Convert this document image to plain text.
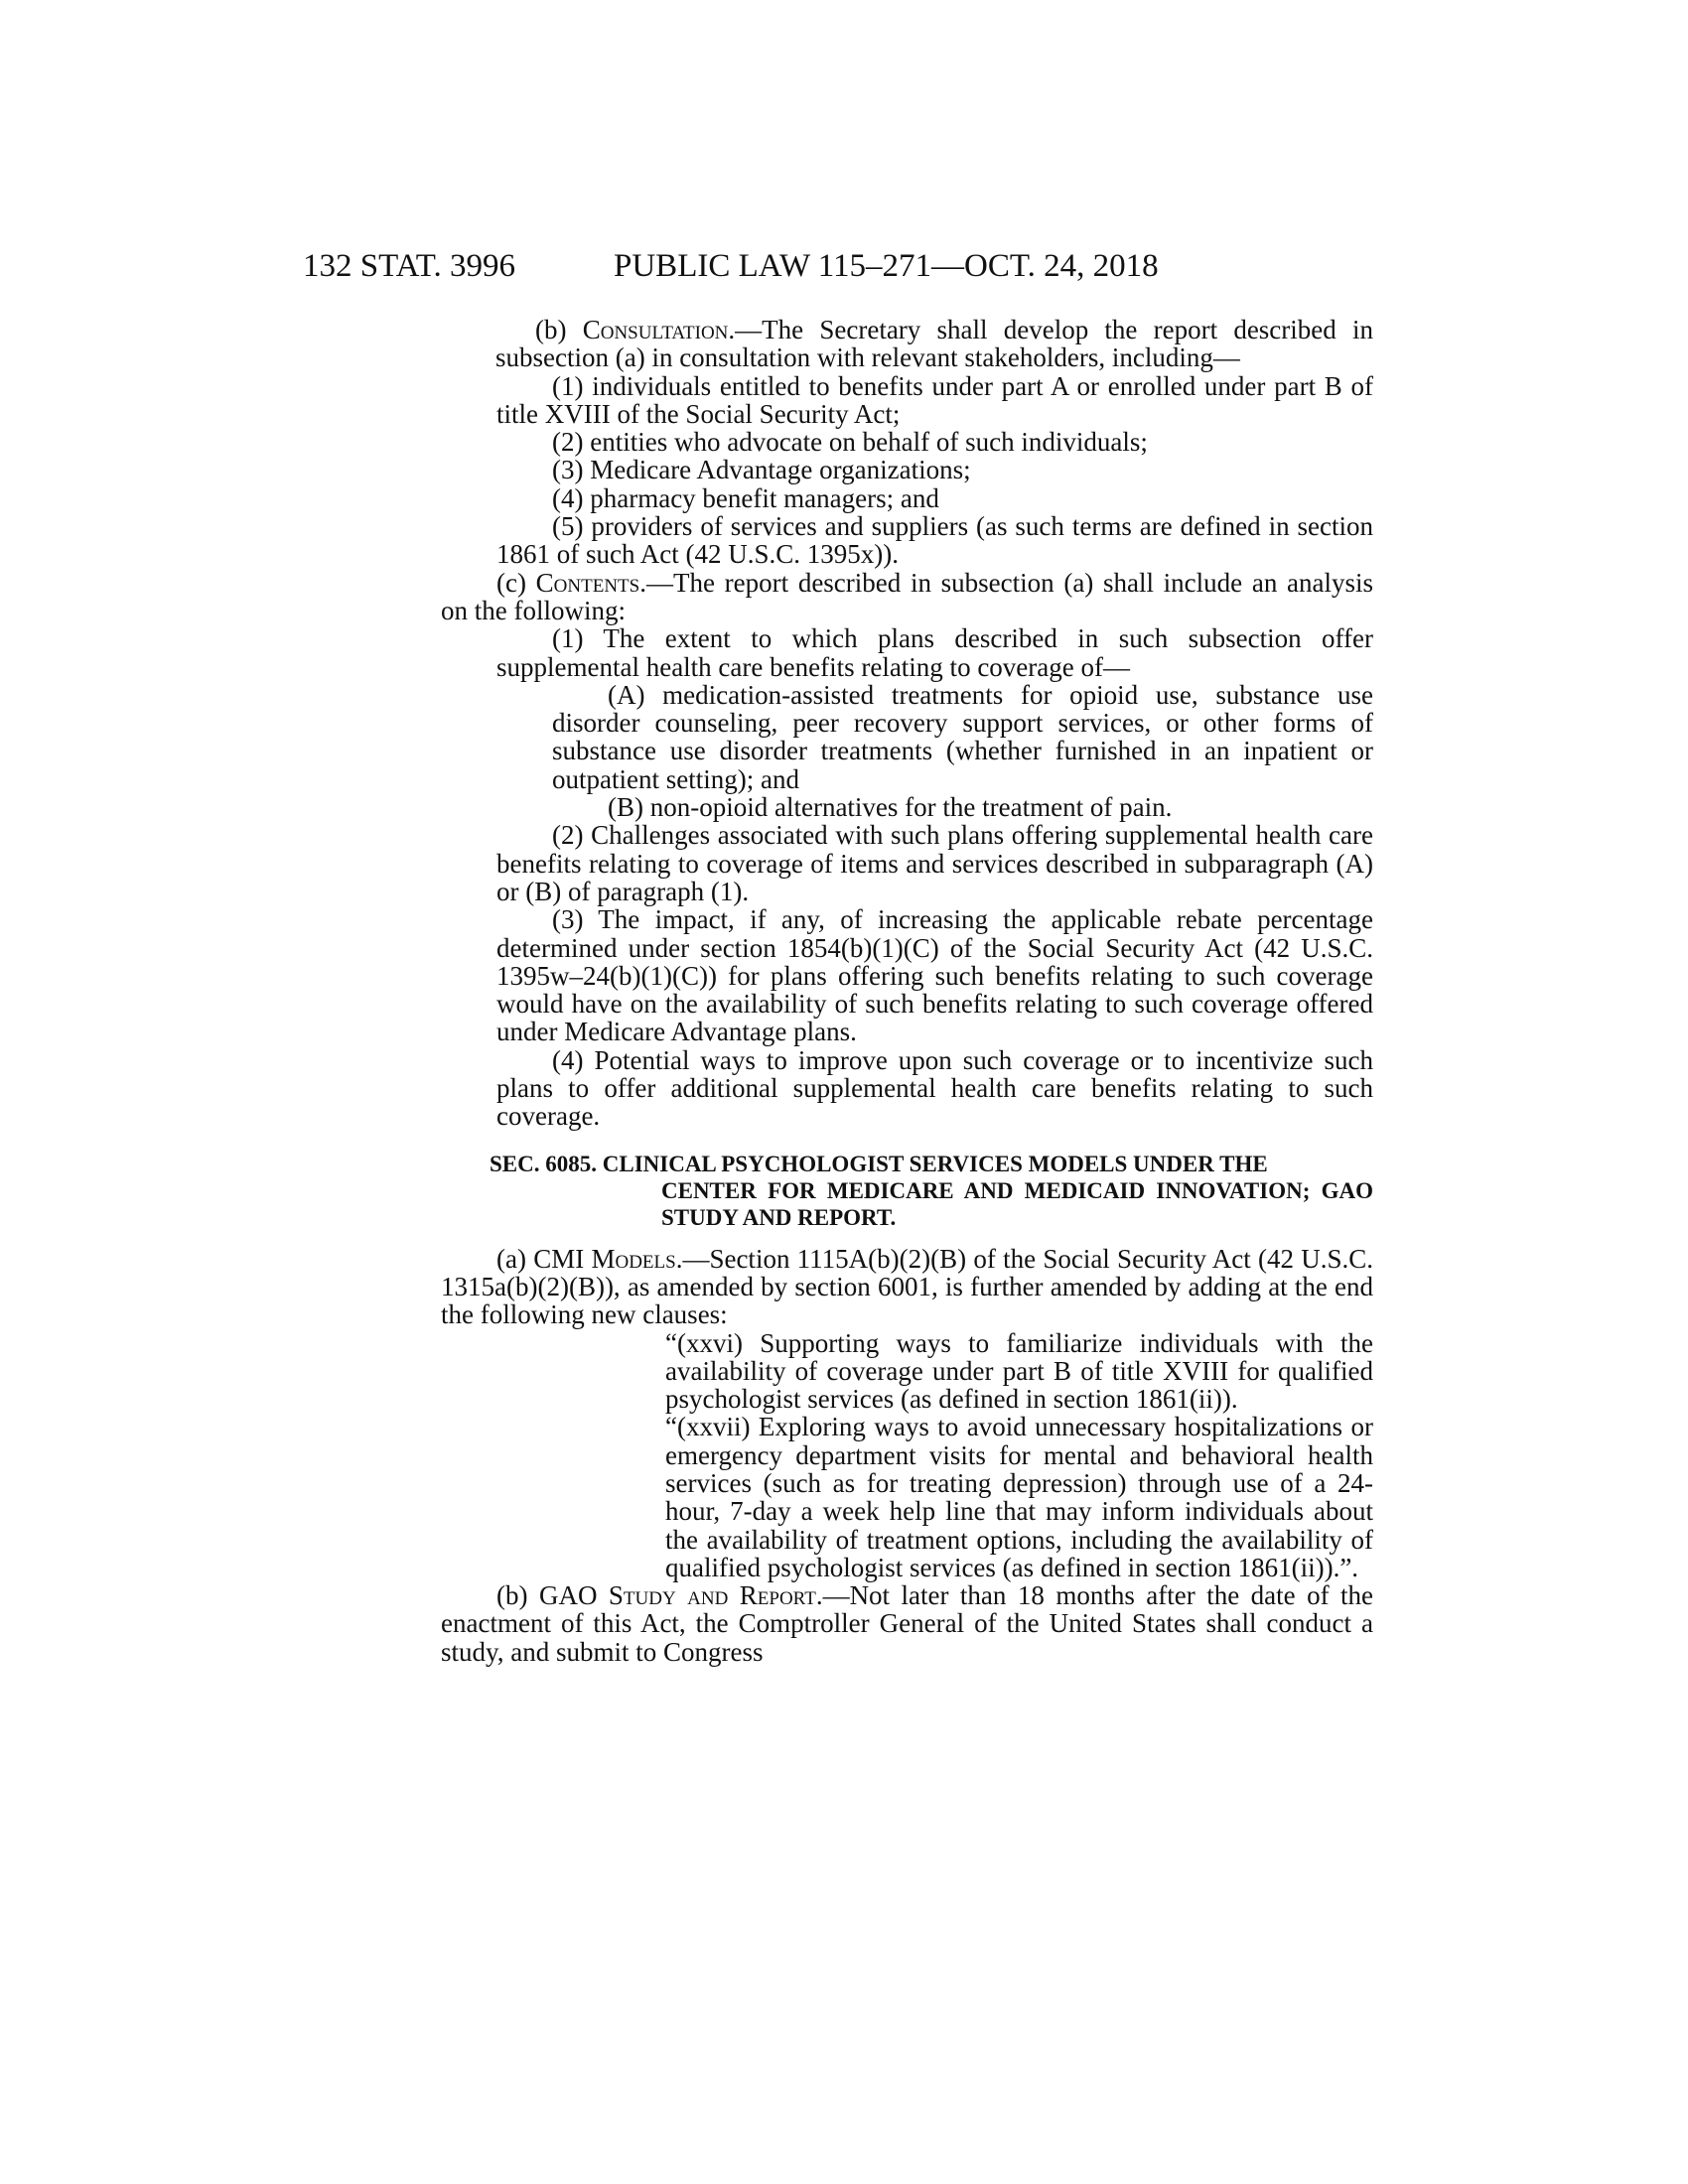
132 STAT. 3996	PUBLIC LAW 115–271—OCT. 24, 2018

(b) Consultation.—The Secretary shall develop the report described in subsection (a) in consultation with relevant stakeholders, including—

(1) individuals entitled to benefits under part A or enrolled under part B of title XVIII of the Social Security Act;

(2) entities who advocate on behalf of such individuals;

(3) Medicare Advantage organizations;

(4) pharmacy benefit managers; and

(5) providers of services and suppliers (as such terms are defined in section 1861 of such Act (42 U.S.C. 1395x)).

(c) Contents.—The report described in subsection (a) shall include an analysis on the following:

(1) The extent to which plans described in such subsection offer supplemental health care benefits relating to coverage of—

(A) medication-assisted treatments for opioid use, substance use disorder counseling, peer recovery support services, or other forms of substance use disorder treatments (whether furnished in an inpatient or outpatient setting); and

(B) non-opioid alternatives for the treatment of pain.

(2) Challenges associated with such plans offering supplemental health care benefits relating to coverage of items and services described in subparagraph (A) or (B) of paragraph (1).

(3) The impact, if any, of increasing the applicable rebate percentage determined under section 1854(b)(1)(C) of the Social Security Act (42 U.S.C. 1395w–24(b)(1)(C)) for plans offering such benefits relating to such coverage would have on the availability of such benefits relating to such coverage offered under Medicare Advantage plans.

(4) Potential ways to improve upon such coverage or to incentivize such plans to offer additional supplemental health care benefits relating to such coverage.

SEC. 6085. CLINICAL PSYCHOLOGIST SERVICES MODELS UNDER THE
CENTER FOR MEDICARE AND MEDICAID INNOVATION; GAO STUDY AND REPORT.

(a) CMI Models.—Section 1115A(b)(2)(B) of the Social Security Act (42 U.S.C. 1315a(b)(2)(B)), as amended by section 6001, is further amended by adding at the end the following new clauses:

“(xxvi) Supporting ways to familiarize individuals with the availability of coverage under part B of title XVIII for qualified psychologist services (as defined in section 1861(ii)).

“(xxvii) Exploring ways to avoid unnecessary hospitalizations or emergency department visits for mental and behavioral health services (such as for treating depression) through use of a 24-hour, 7-day a week help line that may inform individuals about the availability of treatment options, including the availability of qualified psychologist services (as defined in section 1861(ii)).”.

(b) GAO Study and Report.—Not later than 18 months after the date of the enactment of this Act, the Comptroller General of the United States shall conduct a study, and submit to Congress
